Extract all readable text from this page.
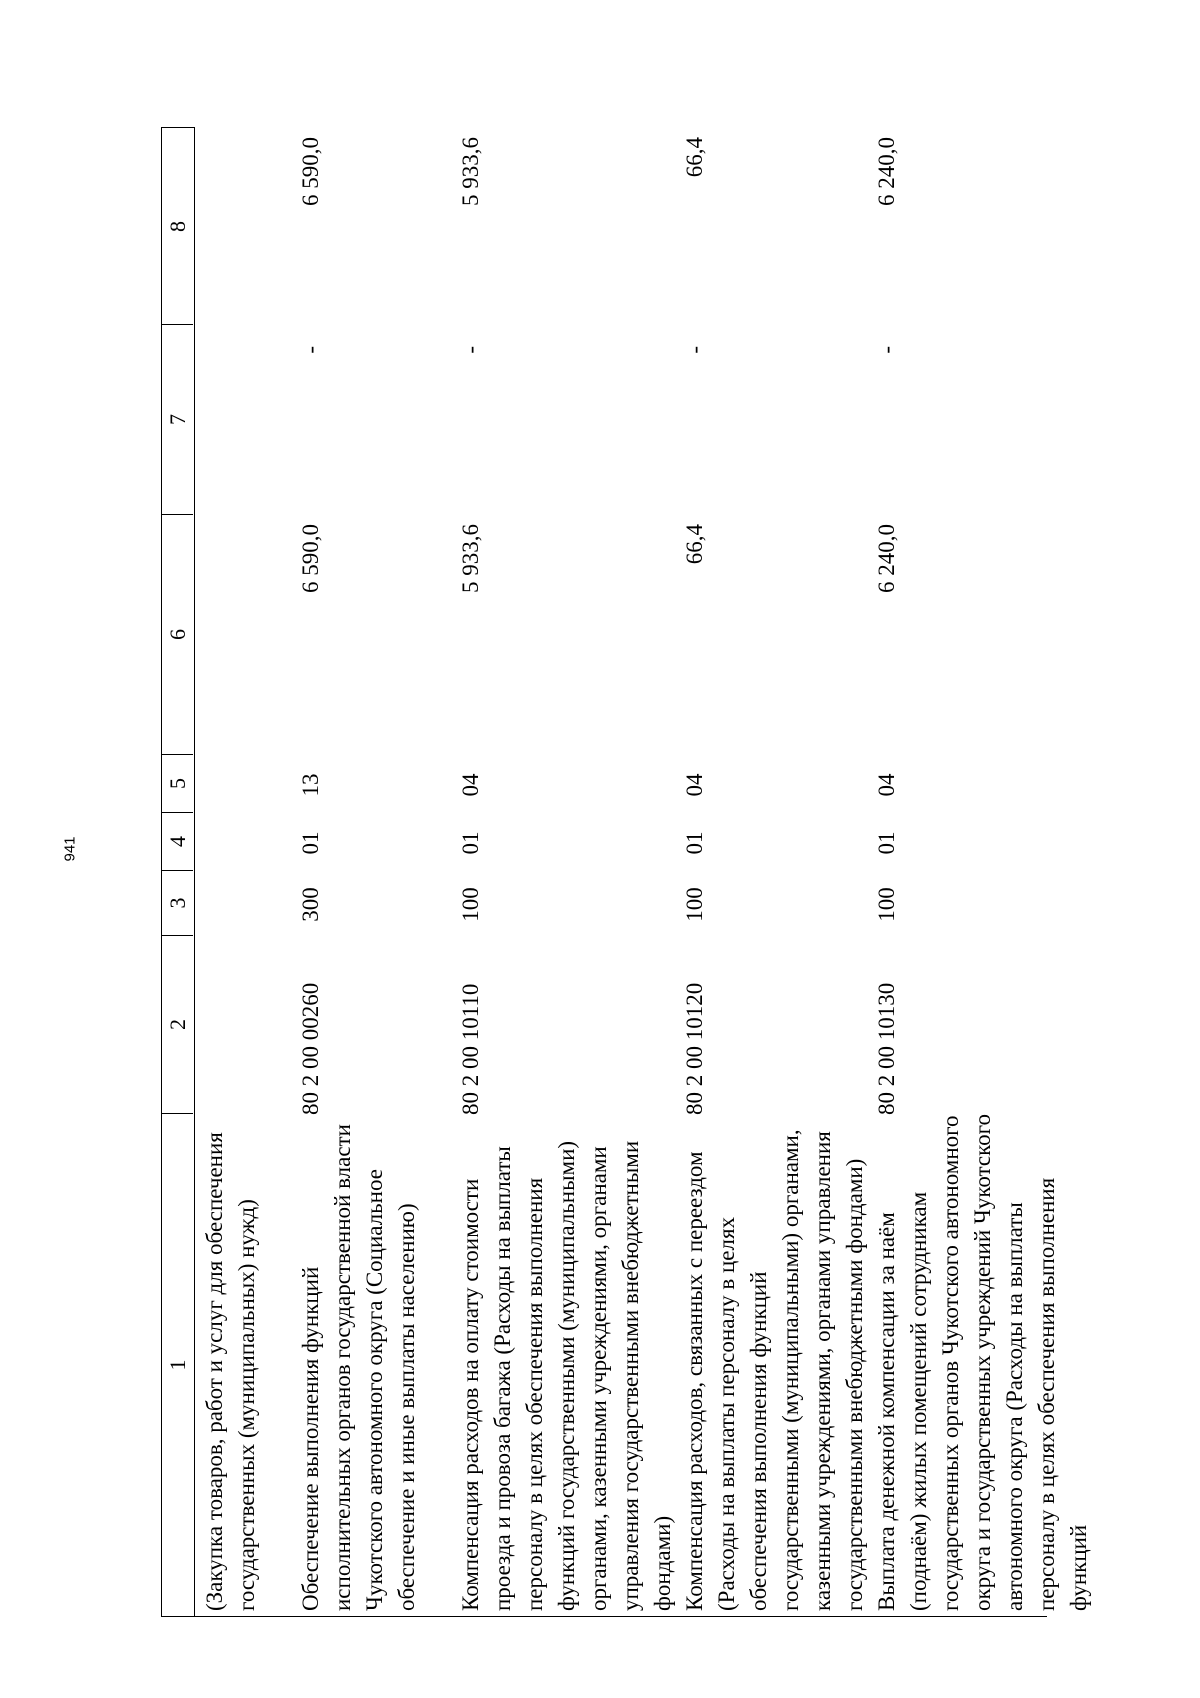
941
1
2
3
4
5
6
7
8
(Закупка товаров, работ и услуг для обеспечения государственных (муниципальных) нужд) Обеспечение выполнения функций исполнительных органов государственной власти Чукотского автономного округа (Социальное обеспечение и иные выплаты населению)
80 2 00 00260
300
01
13
6 590,0
-
6 590,0
Компенсация расходов на оплату стоимости проезда и провоза багажа (Расходы на выплаты персоналу в целях обеспечения выполнения функций государственными (муниципальными) органами, казенными учреждениями, органами управления государственными внебюджетными фондами)
80 2 00 10110
100
01
04
5 933,6
-
5 933,6
Компенсация расходов, связанных с переездом (Расходы на выплаты персоналу в целях обеспечения выполнения функций государственными (муниципальными) органами, казенными учреждениями, органами управления государственными внебюджетными фондами)
80 2 00 10120
100
01
04
66,4
-
66,4
Выплата денежной компенсации за наём (поднаём) жилых помещений сотрудникам государственных органов Чукотского автономного округа и государственных учреждений Чукотского автономного округа (Расходы на выплаты персоналу в целях обеспечения выполнения функций
80 2 00 10130
100
01
04
6 240,0
-
6 240,0
